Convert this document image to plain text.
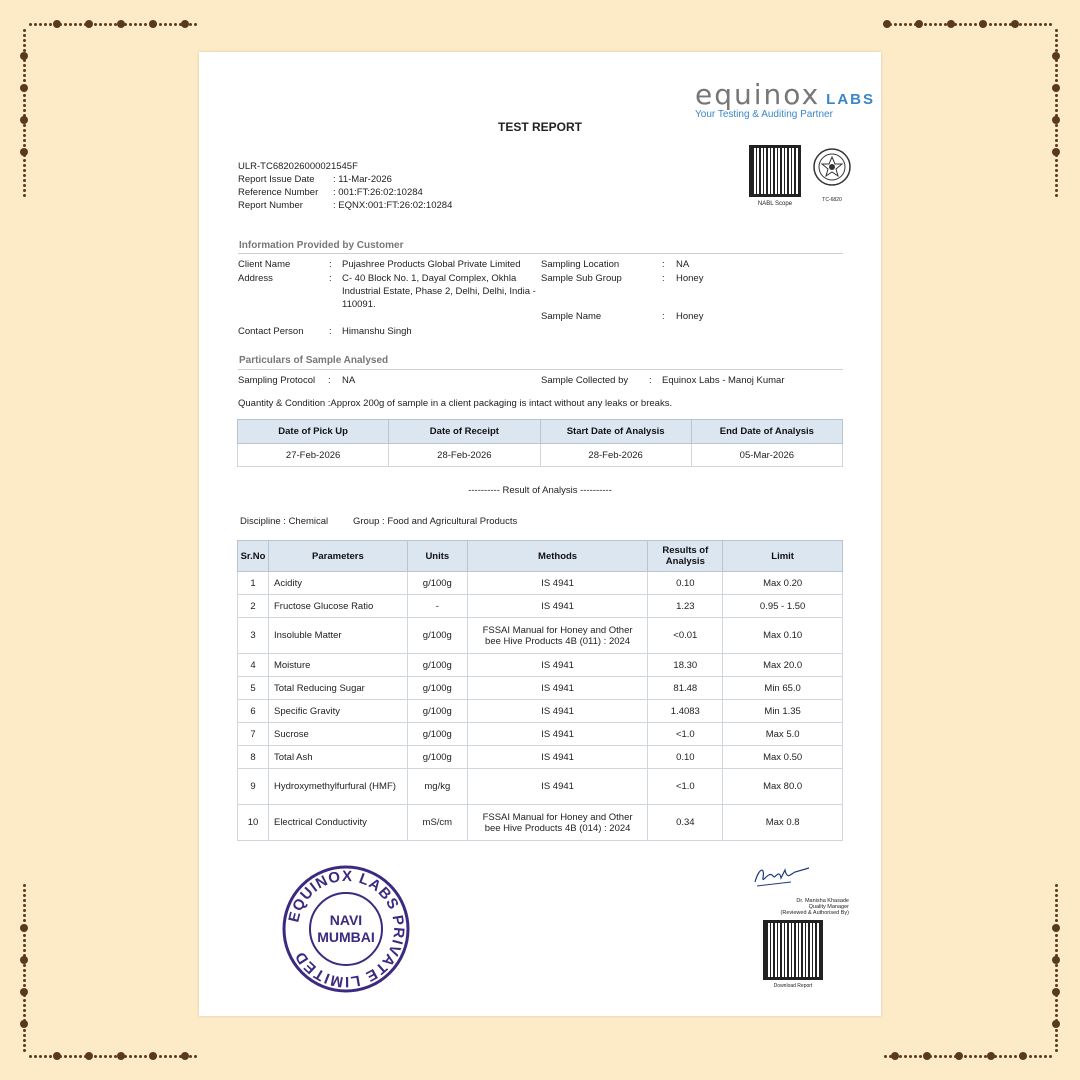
TEST REPORT
equinox LABS
Your Testing & Auditing Partner
NABL Scope
TC-6820
ULR-TC682026000021545F
Report Issue Date	: 11-Mar-2026
Reference Number : 001:FT:26:02:10284
Report Number	: EQNX:001:FT:26:02:10284
Information Provided by Customer
Client Name	: Pujashree Products Global Private Limited
Address	: C- 40 Block No. 1, Dayal Complex, Okhla Industrial Estate, Phase 2, Delhi, Delhi, India - 110091.
Contact Person	: Himanshu Singh
Sampling Location	: NA
Sample Sub Group	: Honey
Sample Name	: Honey
Particulars of Sample Analysed
Sampling Protocol : NA	Sample Collected by : Equinox Labs - Manoj Kumar
Quantity & Condition :Approx 200g of sample in a client packaging is intact without any leaks or breaks.
Date of Pick Up	Date of Receipt	Start Date of Analysis	End Date of Analysis
27-Feb-2026	28-Feb-2026	28-Feb-2026	05-Mar-2026
---------- Result of Analysis ----------
Discipline : Chemical	Group : Food and Agricultural Products
Sr.No	Parameters	Units	Methods	Results of Analysis	Limit
1	Acidity	g/100g	IS 4941	0.10	Max 0.20
2	Fructose Glucose Ratio	-	IS 4941	1.23	0.95 - 1.50
3	Insoluble Matter	g/100g	FSSAI Manual for Honey and Other bee Hive Products 4B (011) : 2024	<0.01	Max 0.10
4	Moisture	g/100g	IS 4941	18.30	Max 20.0
5	Total Reducing Sugar	g/100g	IS 4941	81.48	Min 65.0
6	Specific Gravity	g/100g	IS 4941	1.4083	Min 1.35
7	Sucrose	g/100g	IS 4941	<1.0	Max 5.0
8	Total Ash	g/100g	IS 4941	0.10	Max 0.50
9	Hydroxymethylfurfural (HMF)	mg/kg	IS 4941	<1.0	Max 80.0
10	Electrical Conductivity	mS/cm	FSSAI Manual for Honey and Other bee Hive Products 4B (014) : 2024	0.34	Max 0.8
EQUINOX LABS PRIVATE LIMITED
NAVI
MUMBAI
Dr. Manisha Khasade
Quality Manager
(Reviewed & Authorised By)
Download Report
